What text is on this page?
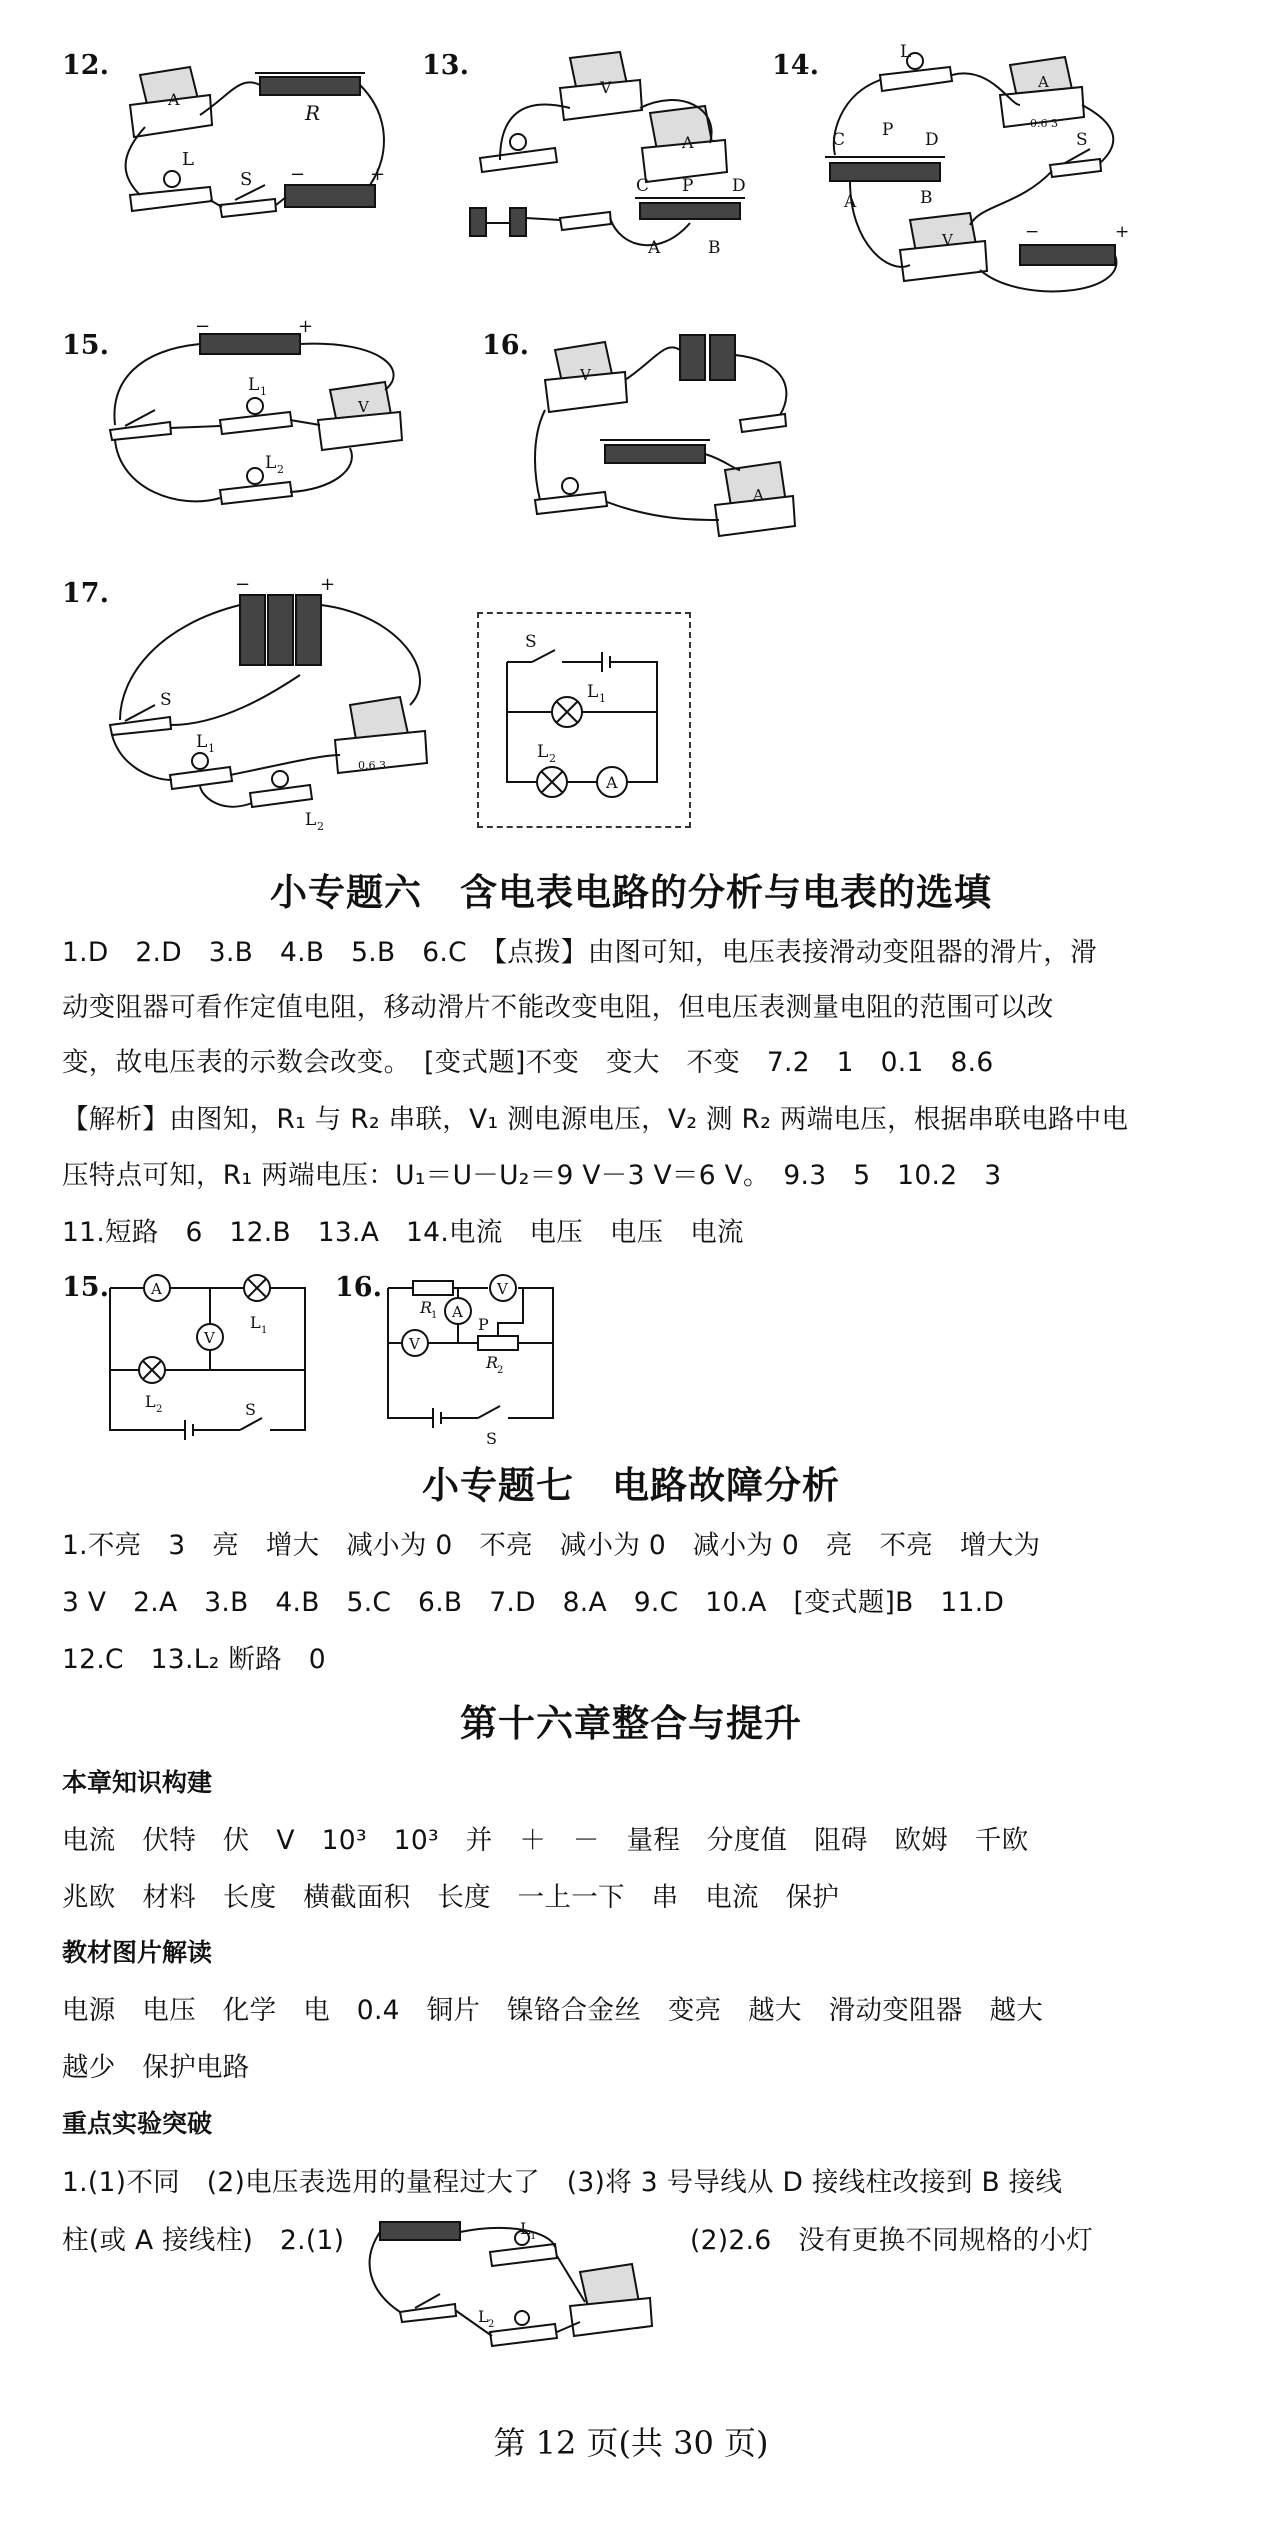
12.
A
R
L
S −	+
13.
V
A
C P D
A	B
14.	L
A
0.6 3
C P D
A	B
S
V	−	+
15.
−	+
L 1
V
L 2
16.
V
A
17.	−	+
S
L 1
L 2
0.6 3
S
L 1
L 2
A
小专题六　含电表电路的分析与电表的选填
1.D　2.D　3.B　4.B　5.B　6.C　【点拨】由图可知，电压表接滑动变阻器的滑片，滑
动变阻器可看作定值电阻，移动滑片不能改变电阻，但电压表测量电阻的范围可以改
变，故电压表的示数会改变。　[变式题]不变　变大　不变　7.2　1　0.1　8.6
【解析】由图知，R₁ 与 R₂ 串联，V₁ 测电源电压，V₂ 测 R₂ 两端电压，根据串联电路中电
压特点可知，R₁ 两端电压：U₁＝U－U₂＝9 V－3 V＝6 V。　9.3　5　10.2　3
11.短路　6　12.B　13.A　14.电流　电压　电压　电流
15.	A
V
L 1
L 2	S
16.
R
1 A
V
P
R
2
V
S
小专题七　电路故障分析
1.不亮　3　亮　增大　减小为 0　不亮　减小为 0　减小为 0　亮　不亮　增大为
3 V　2.A　3.B　4.B　5.C　6.B　7.D　8.A　9.C　10.A　[变式题]B　11.D
12.C　13.L₂ 断路　0
第十六章整合与提升
本章知识构建
电流　伏特　伏　V　10³　10³　并　＋　－　量程　分度值　阻碍　欧姆　千欧
兆欧　材料　长度　横截面积　长度　一上一下　串　电流　保护
教材图片解读
电源　电压　化学　电　0.4　铜片　镍铬合金丝　变亮　越大　滑动变阻器　越大
越少　保护电路
重点实验突破
1.(1)不同　(2)电压表选用的量程过大了　(3)将 3 号导线从 D 接线柱改接到 B 接线
柱(或 A 接线柱)　2.(1)	(2)2.6　没有更换不同规格的小灯
L 1
L 2
第 12 页(共 30 页)
